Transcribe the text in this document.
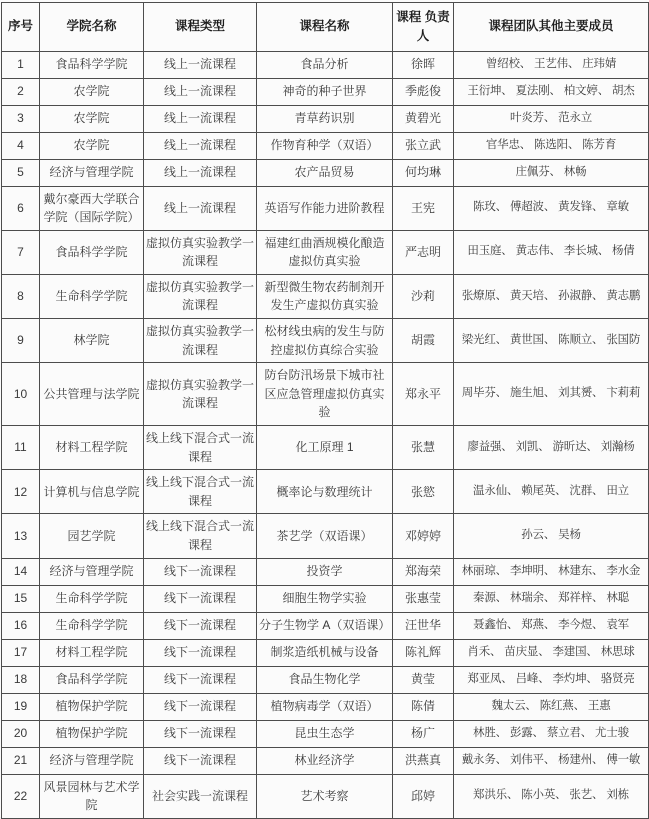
序号	学院名称	课程类型	课程名称	课程 负责人	课程团队其他主要成员
1	食品科学学院	线上一流课程	食品分析	徐晖	曾绍校、 王艺伟、 庄玮婧
2	农学院	线上一流课程	神奇的种子世界	季彪俊	王衍坤、 夏法刚、 柏文婷、 胡杰
3	农学院	线上一流课程	青草药识别	黄碧光	叶炎芳、 范永立
4	农学院	线上一流课程	作物育种学（双语）	张立武	官华忠、 陈选阳、 陈芳育
5	经济与管理学院	线上一流课程	农产品贸易	何均琳	庄佩芬、 林畅
6	戴尔豪西大学联合学院（国际学院）	线上一流课程	英语写作能力进阶教程	王宪	陈玫、 傅超波、 黄发锋、 章敏
7	食品科学学院	虚拟仿真实验教学一流课程	福建红曲酒规模化酿造虚拟仿真实验	严志明	田玉庭、 黄志伟、 李长城、 杨倩
8	生命科学学院	虚拟仿真实验教学一流课程	新型微生物农药制剂开发生产虚拟仿真实验	沙莉	张燎原、 黄天培、 孙淑静、 黄志鹏
9	林学院	虚拟仿真实验教学一流课程	松材线虫病的发生与防控虚拟仿真综合实验	胡霞	梁光红、 黄世国、 陈顺立、 张国防
10	公共管理与法学院	虚拟仿真实验教学一流课程	防台防汛场景下城市社区应急管理虚拟仿真实验	郑永平	周毕芬、 施生旭、 刘其赟、 卞莉莉
11	材料工程学院	线上线下混合式一流课程	化工原理 1	张慧	廖益强、 刘凯、 游昕达、 刘瀚杨
12	计算机与信息学院	线上线下混合式一流课程	概率论与数理统计	张慾	温永仙、 赖尾英、 沈群、 田立
13	园艺学院	线上线下混合式一流课程	茶艺学（双语课）	邓婷婷	孙云、 吴杨
14	经济与管理学院	线下一流课程	投资学	郑海荣	林丽琼、 李坤明、 林建东、 李水金
15	生命科学学院	线下一流课程	细胞生物学实验	张惠莹	秦源、 林瑞余、 郑祥梓、 林聪
16	生命科学学院	线下一流课程	分子生物学 A（双语课）	汪世华	聂鑫怡、 郑燕、 李今煜、 袁军
17	材料工程学院	线下一流课程	制浆造纸机械与设备	陈礼辉	肖禾、 苗庆显、 李建国、 林思球
18	食品科学学院	线下一流课程	食品生物化学	黄莹	郑亚凤、 吕峰、 李灼坤、 骆贤亮
19	植物保护学院	线下一流课程	植物病毒学（双语）	陈倩	魏太云、 陈红燕、 王惠
20	植物保护学院	线下一流课程	昆虫生态学	杨广	林胜、 彭露、 蔡立君、 尤士骏
21	经济与管理学院	线下一流课程	林业经济学	洪燕真	戴永务、 刘伟平、 杨建州、 傅一敏
22	风景园林与艺术学院	社会实践一流课程	艺术考察	邱婷	郑洪乐、 陈小英、 张艺、 刘栋
